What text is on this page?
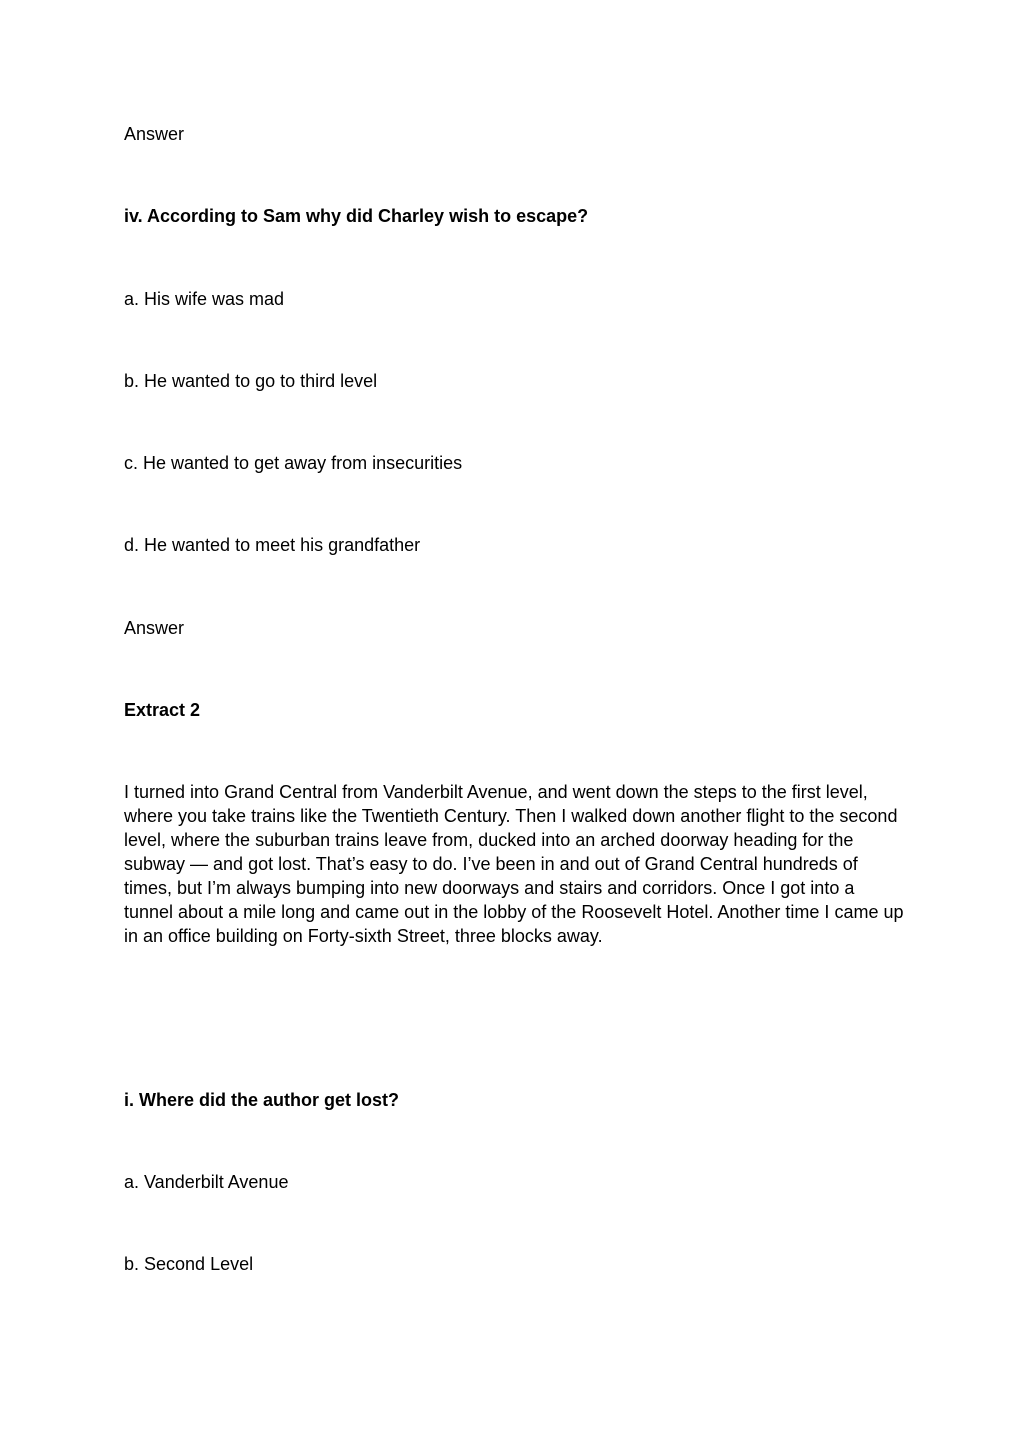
Answer

iv. According to Sam why did Charley wish to escape?

a. His wife was mad

b. He wanted to go to third level

c. He wanted to get away from insecurities

d. He wanted to meet his grandfather

Answer

Extract 2

I turned into Grand Central from Vanderbilt Avenue, and went down the steps to the first level, where you take trains like the Twentieth Century. Then I walked down another flight to the second level, where the suburban trains leave from, ducked into an arched doorway heading for the subway — and got lost. That’s easy to do. I’ve been in and out of Grand Central hundreds of times, but I’m always bumping into new doorways and stairs and corridors. Once I got into a tunnel about a mile long and came out in the lobby of the Roosevelt Hotel. Another time I came up in an office building on Forty-sixth Street, three blocks away.

i. Where did the author get lost?

a. Vanderbilt Avenue

b. Second Level
